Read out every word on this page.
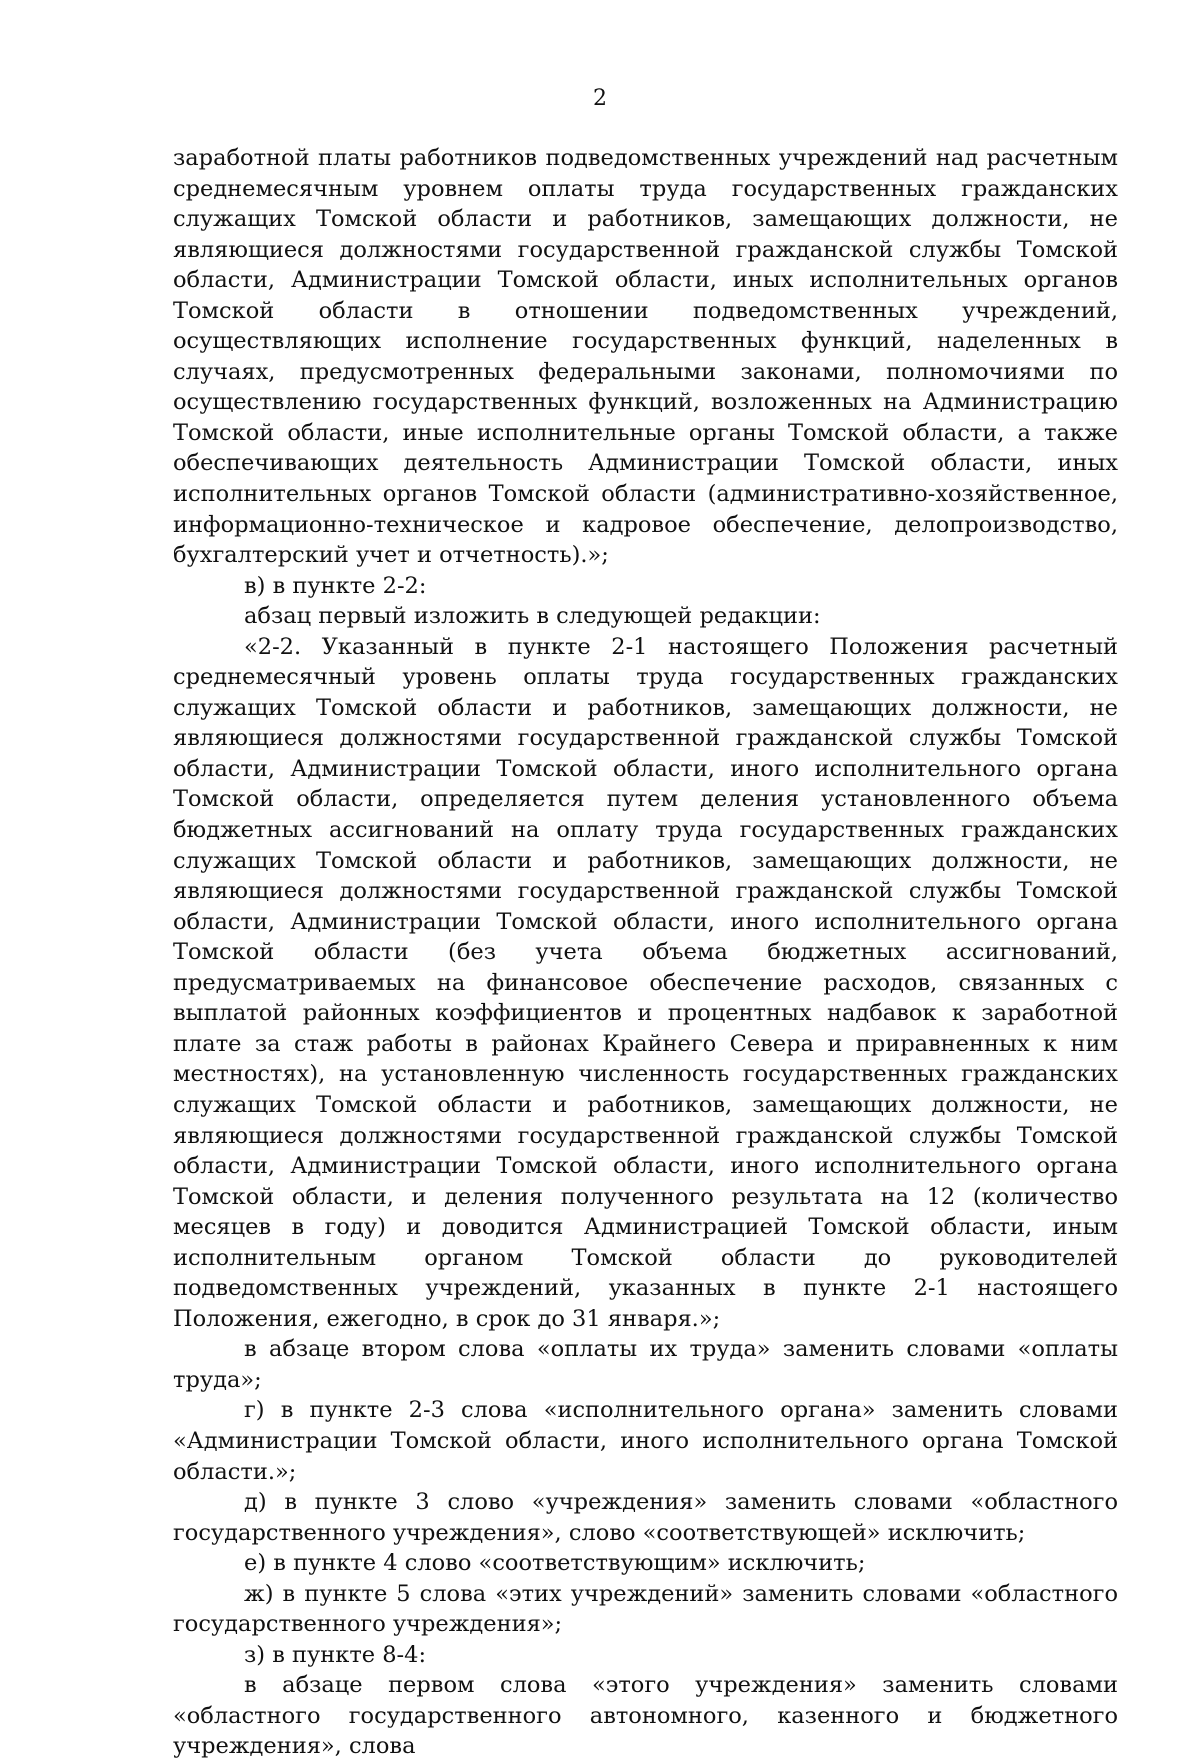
2

заработной платы работников подведомственных учреждений над расчетным среднемесячным уровнем оплаты труда государственных гражданских служащих Томской области и работников, замещающих должности, не являющиеся должностями государственной гражданской службы Томской области, Администрации Томской области, иных исполнительных органов Томской области в отношении подведомственных учреждений, осуществляющих исполнение государственных функций, наделенных в случаях, предусмотренных федеральными законами, полномочиями по осуществлению государственных функций, возложенных на Администрацию Томской области, иные исполнительные органы Томской области, а также обеспечивающих деятельность Администрации Томской области, иных исполнительных органов Томской области (административно-хозяйственное, информационно-техническое и кадровое обеспечение, делопроизводство, бухгалтерский учет и отчетность).»;

в) в пункте 2-2:

абзац первый изложить в следующей редакции:

«2-2. Указанный в пункте 2-1 настоящего Положения расчетный среднемесячный уровень оплаты труда государственных гражданских служащих Томской области и работников, замещающих должности, не являющиеся должностями государственной гражданской службы Томской области, Администрации Томской области, иного исполнительного органа Томской области, определяется путем деления установленного объема бюджетных ассигнований на оплату труда государственных гражданских служащих Томской области и работников, замещающих должности, не являющиеся должностями государственной гражданской службы Томской области, Администрации Томской области, иного исполнительного органа Томской области (без учета объема бюджетных ассигнований, предусматриваемых на финансовое обеспечение расходов, связанных с выплатой районных коэффициентов и процентных надбавок к заработной плате за стаж работы в районах Крайнего Севера и приравненных к ним местностях), на установленную численность государственных гражданских служащих Томской области и работников, замещающих должности, не являющиеся должностями государственной гражданской службы Томской области, Администрации Томской области, иного исполнительного органа Томской области, и деления полученного результата на 12 (количество месяцев в году) и доводится Администрацией Томской области, иным исполнительным органом Томской области до руководителей подведомственных учреждений, указанных в пункте 2-1 настоящего Положения, ежегодно, в срок до 31 января.»;

в абзаце втором слова «оплаты их труда» заменить словами «оплаты труда»;

г) в пункте 2-3 слова «исполнительного органа» заменить словами «Администрации Томской области, иного исполнительного органа Томской области.»;

д) в пункте 3 слово «учреждения» заменить словами «областного государственного учреждения», слово «соответствующей» исключить;

е) в пункте 4 слово «соответствующим» исключить;

ж) в пункте 5 слова «этих учреждений» заменить словами «областного государственного учреждения»;

з) в пункте 8-4:

в абзаце первом слова «этого учреждения» заменить словами «областного государственного автономного, казенного и бюджетного учреждения», слова
